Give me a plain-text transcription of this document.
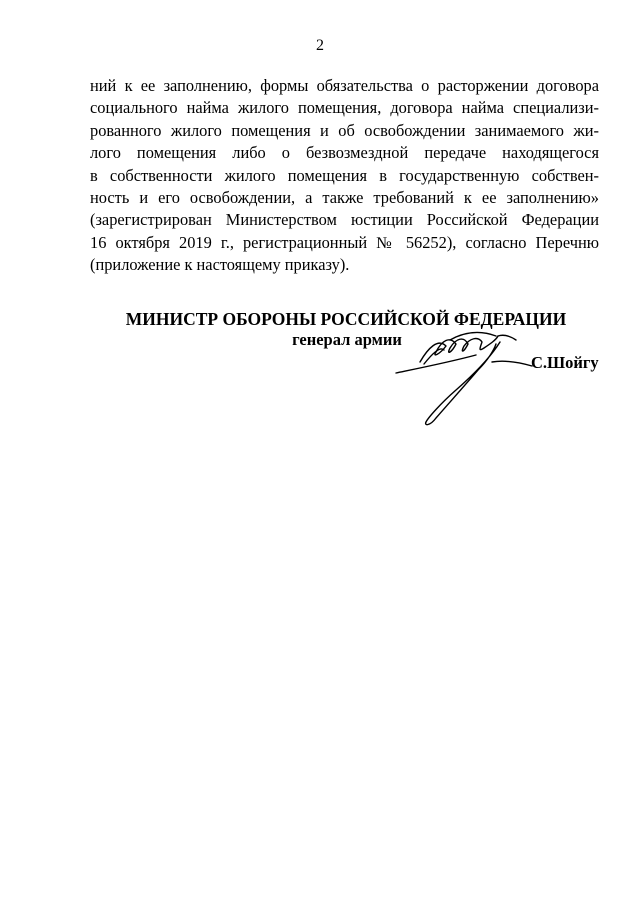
2
ний к ее заполнению, формы обязательства о расторжении договора
социального найма жилого помещения, договора найма специализи-
рованного жилого помещения и об освобождении занимаемого жи-
лого помещения либо о безвозмездной передаче находящегося
в собственности жилого помещения в государственную собствен-
ность и его освобождении, а также требований к ее заполнению»
(зарегистрирован Министерством юстиции Российской Федерации
16 октября 2019 г., регистрационный № 56252), согласно Перечню
(приложение к настоящему приказу).
МИНИСТР ОБОРОНЫ РОССИЙСКОЙ ФЕДЕРАЦИИ
генерал армии
С.Шойгу
